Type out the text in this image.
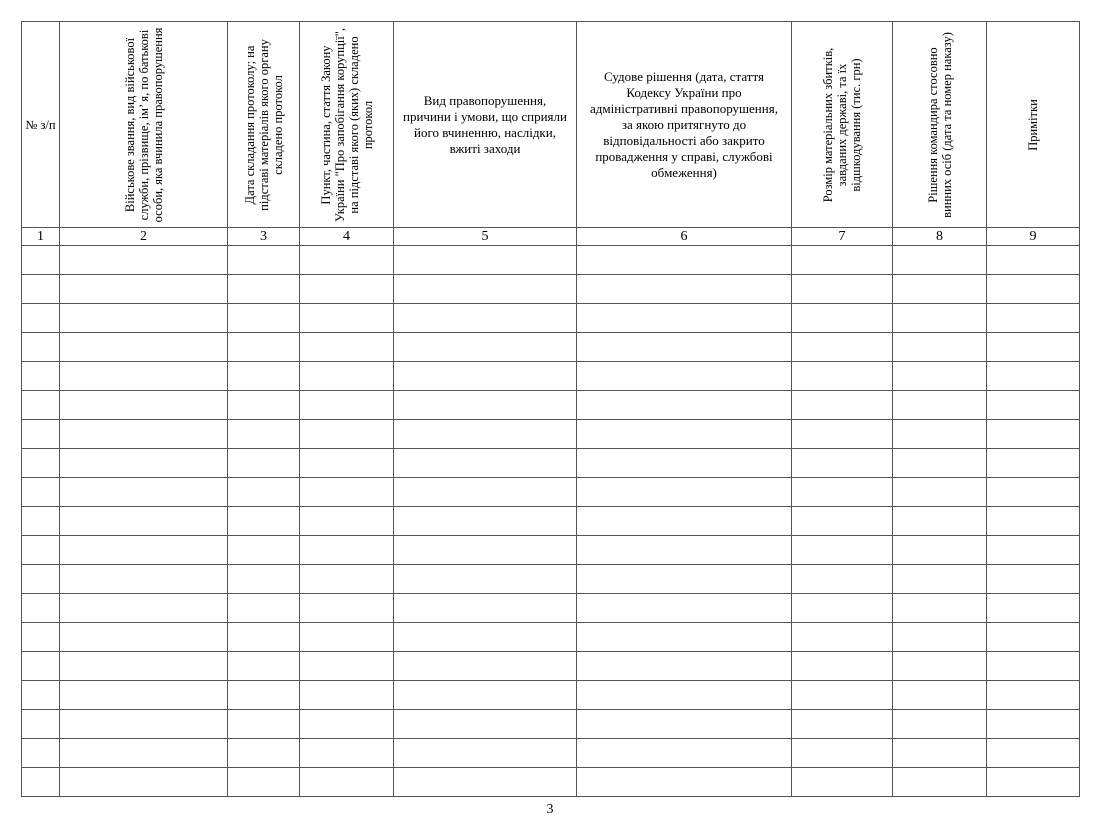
№ з/п	Військове звання, вид військової служби, прізвище, ім’ я, по батькові особи, яка вчинила правопорушення	Дата складання протоколу; на підставі матеріалів якого органу складено протокол	Пункт, частина, стаття Закону України "Про запобігання корупції", на підставі якого (яких) складено протокол	Вид правопорушення, причини і умови, що сприяли його вчиненню, наслідки, вжиті заходи	Судове рішення (дата, стаття Кодексу України про адміністративні правопорушення, за якою притягнуто до відповідальності або закрито провадження у справі, службові обмеження)	Розмір матеріальних збитків, завданих державі, та їх відшкодування (тис. грн)	Рішення командира стосовно винних осіб (дата та номер наказу)	Примітки

1	2	3	4	5	6	7	8	9

3
